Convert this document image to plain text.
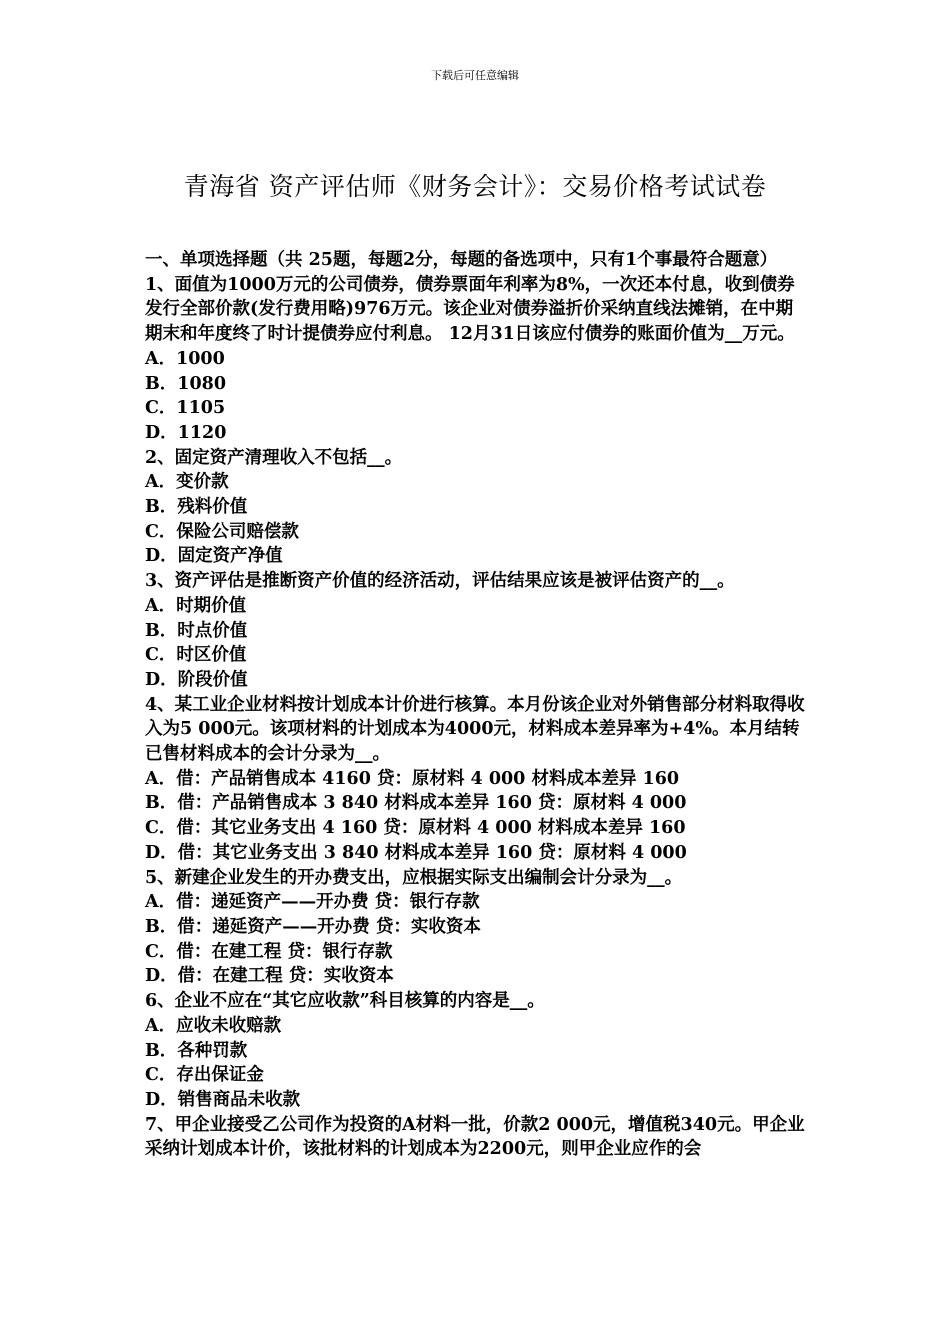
下载后可任意编辑
青海省 资产评估师《财务会计》：交易价格考试试卷

一、单项选择题（共 25题，每题2分，每题的备选项中，只有1个事最符合题意）

1、面值为1000万元的公司债券，债券票面年利率为8%，一次还本付息，收到债券发行全部价款(发行费用略)976万元。该企业对债券溢折价采纳直线法摊销，在中期期末和年度终了时计提债券应付利息。 12月31日该应付债券的账面价值为__万元。

A．1000

B．1080

C．1105

D．1120

2、固定资产清理收入不包括__。

A．变价款

B．残料价值

C．保险公司赔偿款

D．固定资产净值

3、资产评估是推断资产价值的经济活动，评估结果应该是被评估资产的__。

A．时期价值

B．时点价值

C．时区价值

D．阶段价值

4、某工业企业材料按计划成本计价进行核算。本月份该企业对外销售部分材料取得收入为5 000元。该项材料的计划成本为4000元，材料成本差异率为+4%。本月结转已售材料成本的会计分录为__。

A．借：产品销售成本 4160 贷：原材料 4 000 材料成本差异 160

B．借：产品销售成本 3 840 材料成本差异 160 贷：原材料 4 000

C．借：其它业务支出 4 160 贷：原材料 4 000 材料成本差异 160

D．借：其它业务支出 3 840 材料成本差异 160 贷：原材料 4 000

5、新建企业发生的开办费支出，应根据实际支出编制会计分录为__。

A．借：递延资产——开办费 贷：银行存款

B．借：递延资产——开办费 贷：实收资本

C．借：在建工程 贷：银行存款

D．借：在建工程 贷：实收资本

6、企业不应在“其它应收款”科目核算的内容是__。

A．应收未收赔款

B．各种罚款

C．存出保证金

D．销售商品未收款

7、甲企业接受乙公司作为投资的A材料一批，价款2 000元，增值税340元。甲企业采纳计划成本计价，该批材料的计划成本为2200元，则甲企业应作的会
